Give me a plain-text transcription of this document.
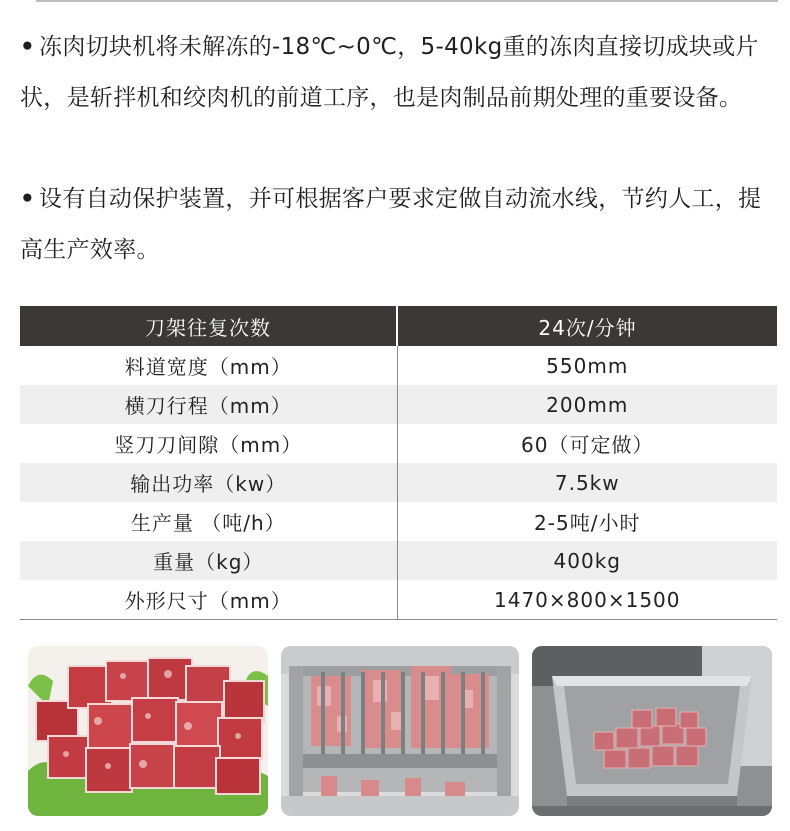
• 冻肉切块机将未解冻的-18℃~0℃，5-40kg重的冻肉直接切成块或片状，是斩拌机和绞肉机的前道工序，也是肉制品前期处理的重要设备。
• 设有自动保护装置，并可根据客户要求定做自动流水线，节约人工，提高生产效率。
刀架往复次数	24次/分钟
料道宽度（mm）	550mm
横刀行程（mm）	200mm
竖刀刀间隙（mm）	60（可定做）
输出功率（kw）	7.5kw
生产量 （吨/h）	2-5吨/小时
重量（kg）	400kg
外形尺寸（mm）	1470×800×1500
